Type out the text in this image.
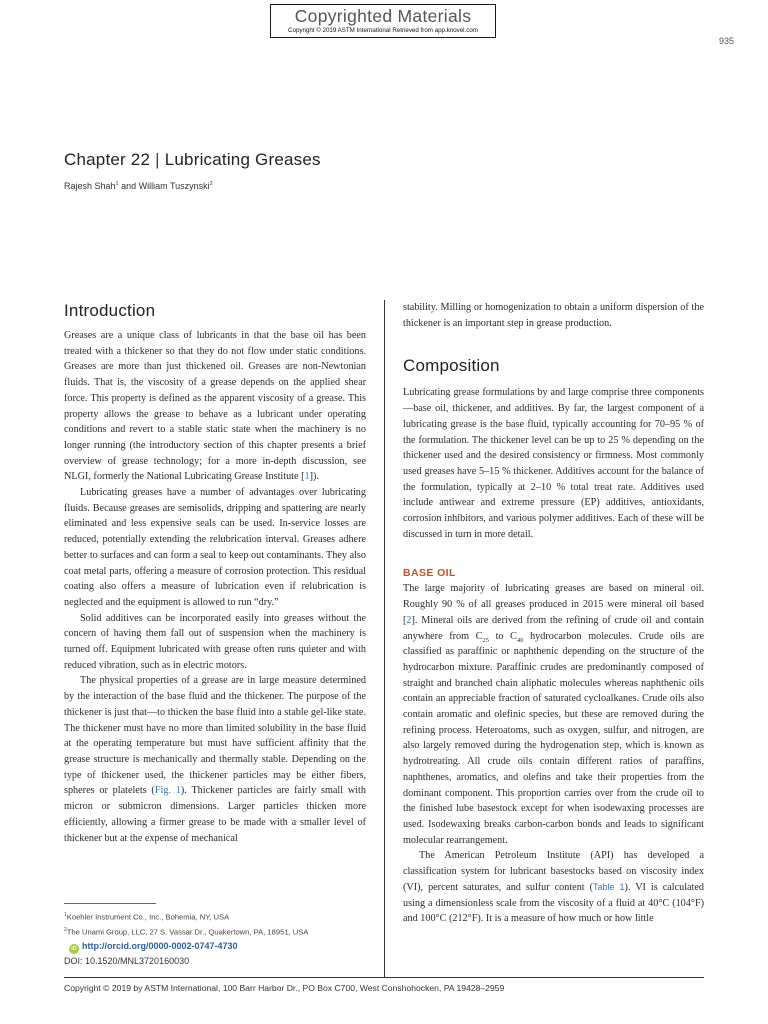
Copyrighted Materials
Copyright © 2019 ASTM International Retrieved from app.knovel.com
935
Chapter 22 | Lubricating Greases
Rajesh Shah$^1$ and William Tuszynski$^2$
Introduction

Greases are a unique class of lubricants in that the base oil has been treated with a thickener so that they do not flow under static conditions. Greases are more than just thickened oil. Greases are non-Newtonian fluids. That is, the viscosity of a grease depends on the applied shear force. This property is defined as the apparent viscosity of a grease. This property allows the grease to behave as a lubricant under operating conditions and revert to a stable static state when the machinery is no longer running (the introductory section of this chapter presents a brief overview of grease technology; for a more in-depth discussion, see NLGI, formerly the National Lubricating Grease Institute [1]).

Lubricating greases have a number of advantages over lubricating fluids. Because greases are semisolids, dripping and spattering are nearly eliminated and less expensive seals can be used. In-service losses are reduced, potentially extending the relubrication interval. Greases adhere better to surfaces and can form a seal to keep out contaminants. They also coat metal parts, offering a measure of corrosion protection. This residual coating also offers a measure of lubrication even if relubrication is neglected and the equipment is allowed to run “dry.”

Solid additives can be incorporated easily into greases without the concern of having them fall out of suspension when the machinery is turned off. Equipment lubricated with grease often runs quieter and with reduced vibration, such as in electric motors.

The physical properties of a grease are in large measure determined by the interaction of the base fluid and the thickener. The purpose of the thickener is just that—to thicken the base fluid into a stable gel-like state. The thickener must have no more than limited solubility in the base fluid at the operating temperature but must have sufficient affinity that the grease structure is mechanically and thermally stable. Depending on the type of thickener used, the thickener particles may be either fibers, spheres or platelets (Fig. 1). Thickener particles are fairly small with micron or submicron dimensions. Larger particles thicken more efficiently, allowing a firmer grease to be made with a smaller level of thickener but at the expense of mechanical

stability. Milling or homogenization to obtain a uniform dispersion of the thickener is an important step in grease production.

Composition

Lubricating grease formulations by and large comprise three components—base oil, thickener, and additives. By far, the largest component of a lubricating grease is the base fluid, typically accounting for 70–95 % of the formulation. The thickener level can be up to 25 % depending on the thickener used and the desired consistency or firmness. Most commonly used greases have 5–15 % thickener. Additives account for the balance of the formulation, typically at 2–10 % total treat rate. Additives used include antiwear and extreme pressure (EP) additives, antioxidants, corrosion inhibitors, and various polymer additives. Each of these will be discussed in turn in more detail.

BASE OIL

The large majority of lubricating greases are based on mineral oil. Roughly 90 % of all greases produced in 2015 were mineral oil based [2]. Mineral oils are derived from the refining of crude oil and contain anywhere from $C_{25}$ to $C_{40}$ hydrocarbon molecules. Crude oils are classified as paraffinic or naphthenic depending on the structure of the hydrocarbon mixture. Paraffinic crudes are predominantly composed of straight and branched chain aliphatic molecules whereas naphthenic oils contain an appreciable fraction of saturated cycloalkanes. Crude oils also contain aromatic and olefinic species, but these are removed during the refining process. Heteroatoms, such as oxygen, sulfur, and nitrogen, are also largely removed during the hydrogenation step, which is known as hydrotreating. All crude oils contain different ratios of paraffins, naphthenes, aromatics, and olefins and take their properties from the dominant component. This proportion carries over from the crude oil to the finished lube basestock except for when isodewaxing processes are used. Isodewaxing breaks carbon-carbon bonds and leads to significant molecular rearrangement.

The American Petroleum Institute (API) has developed a classification system for lubricant basestocks based on viscosity index (VI), percent saturates, and sulfur content (Table 1). VI is calculated using a dimensionless scale from the viscosity of a fluid at 40°C (104°F) and 100°C (212°F). It is a measure of how much or how little

$^1$Koehler Instrument Co., Inc., Bohemia, NY, USA
$^2$The Unami Group, LLC, 27 S. Vassar Dr., Quakertown, PA, 18951, USA
iD http://orcid.org/0000-0002-0747-4730
DOI: 10.1520/MNL3720160030
Copyright © 2019 by ASTM International, 100 Barr Harbor Dr., PO Box C700, West Conshohocken, PA 19428–2959
